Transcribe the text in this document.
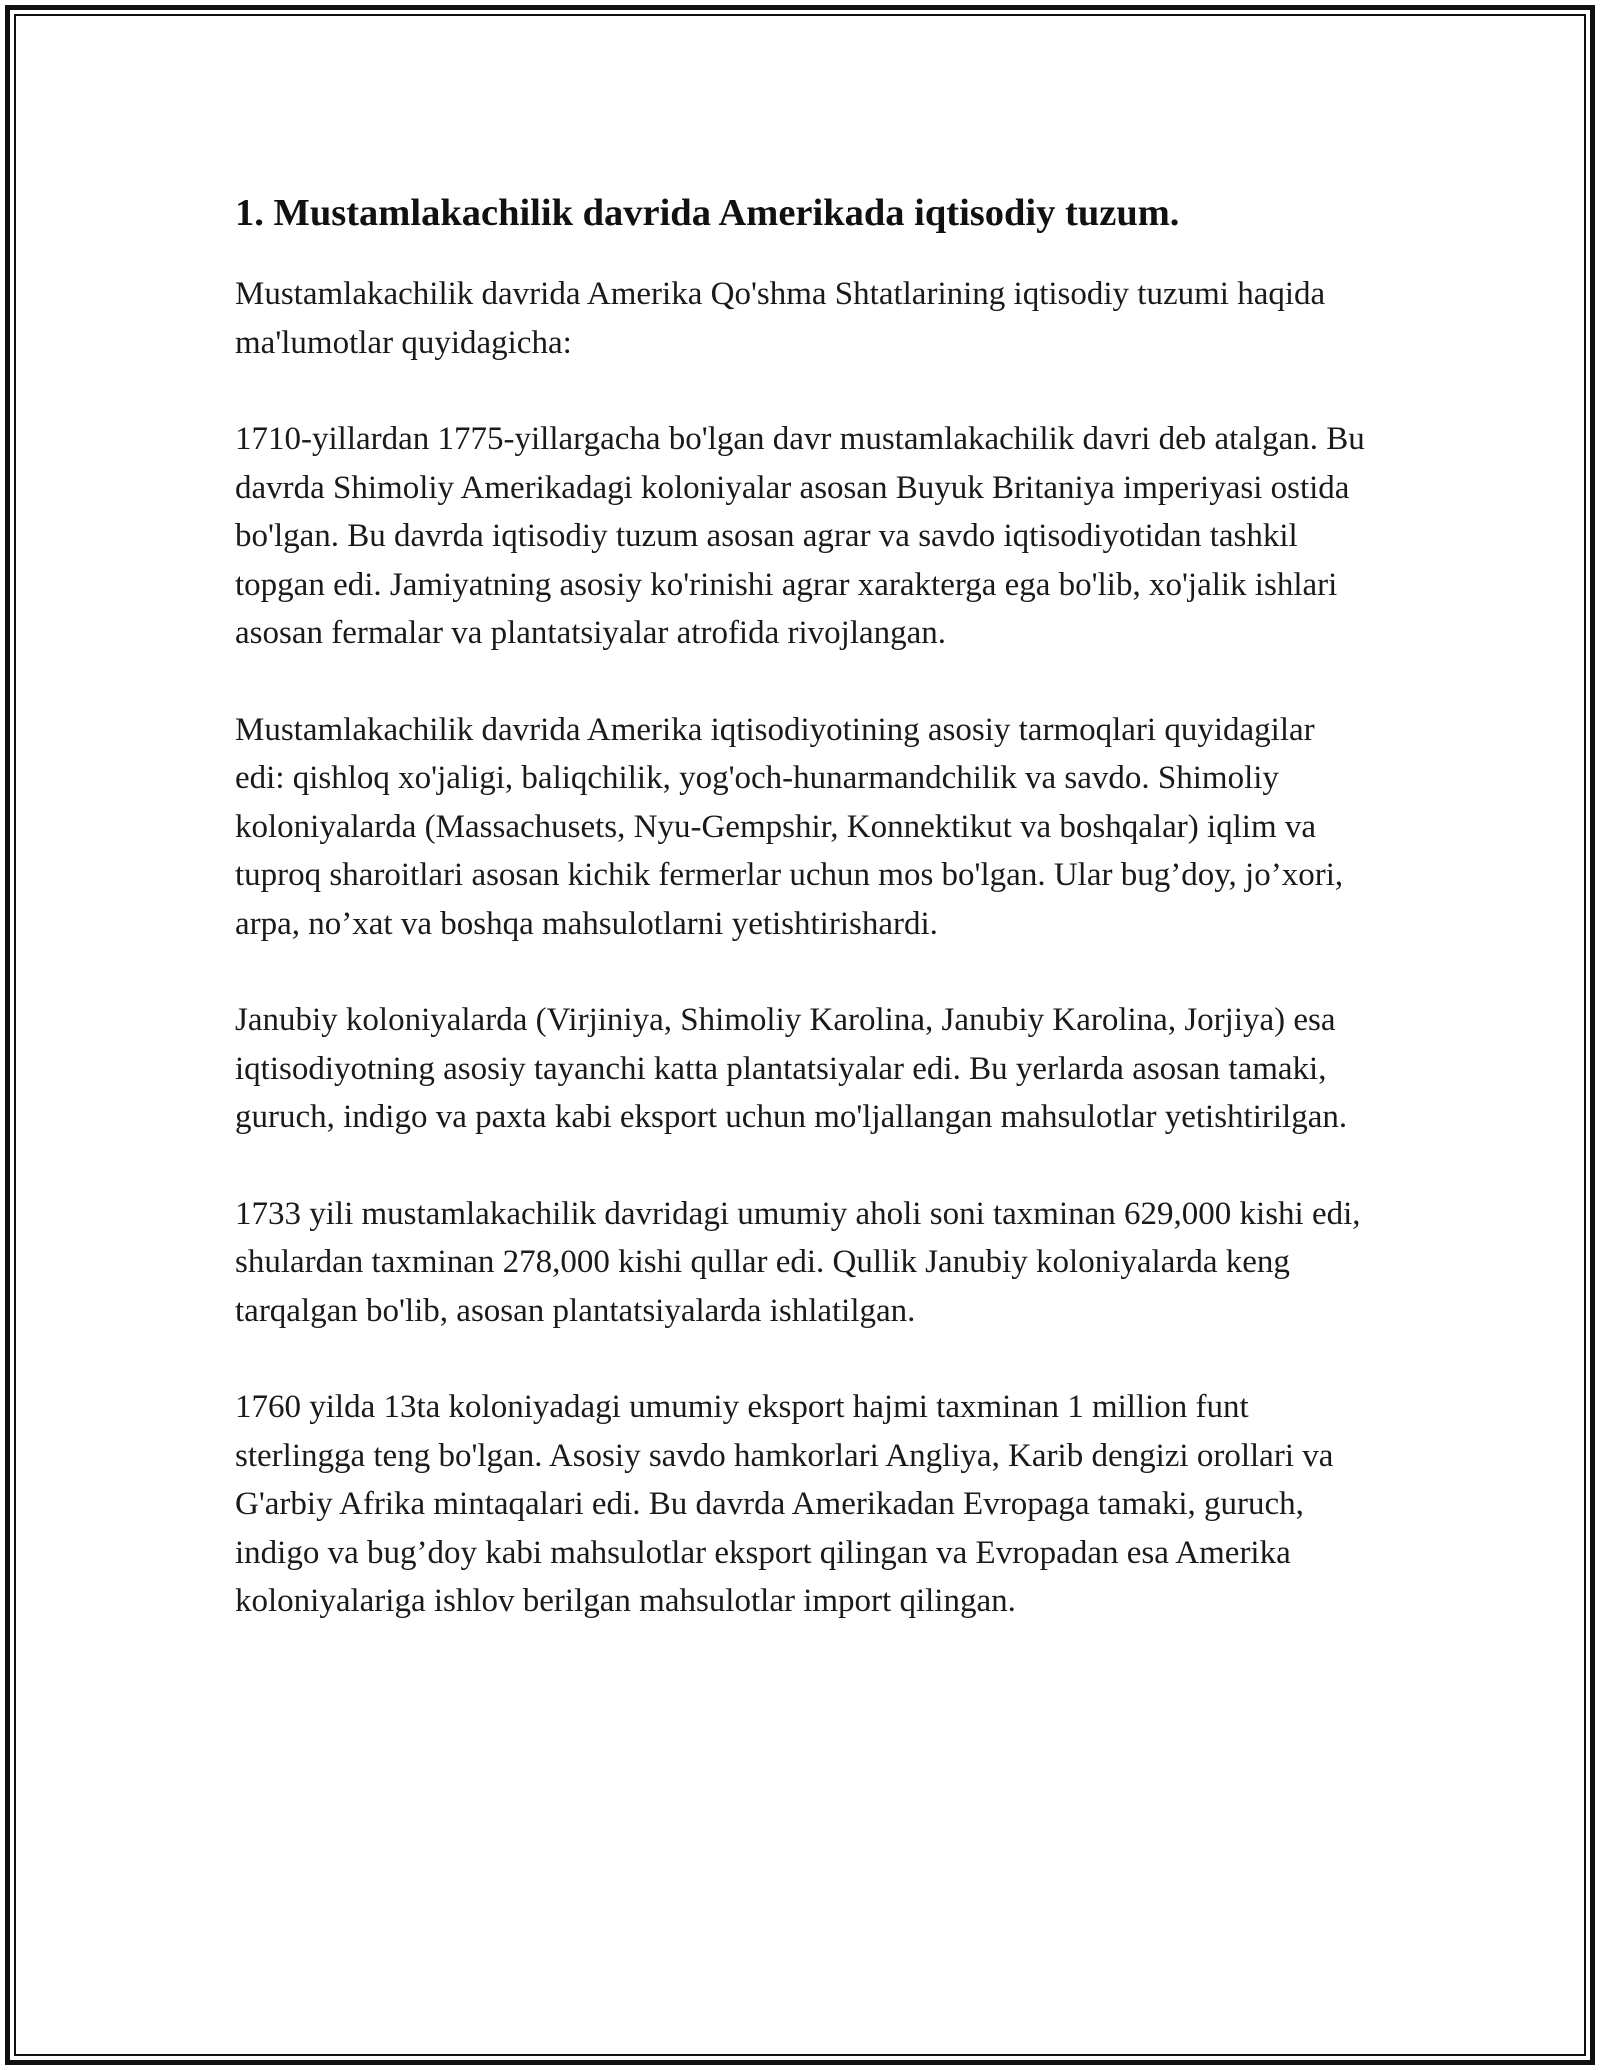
1. Mustamlakachilik davrida Amerikada iqtisodiy tuzum.

Mustamlakachilik davrida Amerika Qo'shma Shtatlarining iqtisodiy tuzumi haqida ma'lumotlar quyidagicha:

1710-yillardan 1775-yillargacha bo'lgan davr mustamlakachilik davri deb atalgan. Bu davrda Shimoliy Amerikadagi koloniyalar asosan Buyuk Britaniya imperiyasi ostida bo'lgan. Bu davrda iqtisodiy tuzum asosan agrar va savdo iqtisodiyotidan tashkil topgan edi. Jamiyatning asosiy ko'rinishi agrar xarakterga ega bo'lib, xo'jalik ishlari asosan fermalar va plantatsiyalar atrofida rivojlangan.

Mustamlakachilik davrida Amerika iqtisodiyotining asosiy tarmoqlari quyidagilar edi: qishloq xo'jaligi, baliqchilik, yog'och-hunarmandchilik va savdo. Shimoliy koloniyalarda (Massachusets, Nyu-Gempshir, Konnektikut va boshqalar) iqlim va tuproq sharoitlari asosan kichik fermerlar uchun mos bo'lgan. Ular bug’doy, jo’xori, arpa, no’xat va boshqa mahsulotlarni yetishtirishardi.

Janubiy koloniyalarda (Virjiniya, Shimoliy Karolina, Janubiy Karolina, Jorjiya) esa iqtisodiyotning asosiy tayanchi katta plantatsiyalar edi. Bu yerlarda asosan tamaki, guruch, indigo va paxta kabi eksport uchun mo'ljallangan mahsulotlar yetishtirilgan.

1733 yili mustamlakachilik davridagi umumiy aholi soni taxminan 629,000 kishi edi, shulardan taxminan 278,000 kishi qullar edi. Qullik Janubiy koloniyalarda keng tarqalgan bo'lib, asosan plantatsiyalarda ishlatilgan.

1760 yilda 13ta koloniyadagi umumiy eksport hajmi taxminan 1 million funt sterlingga teng bo'lgan. Asosiy savdo hamkorlari Angliya, Karib dengizi orollari va G'arbiy Afrika mintaqalari edi. Bu davrda Amerikadan Evropaga tamaki, guruch, indigo va bug’doy kabi mahsulotlar eksport qilingan va Evropadan esa Amerika koloniyalariga ishlov berilgan mahsulotlar import qilingan.
